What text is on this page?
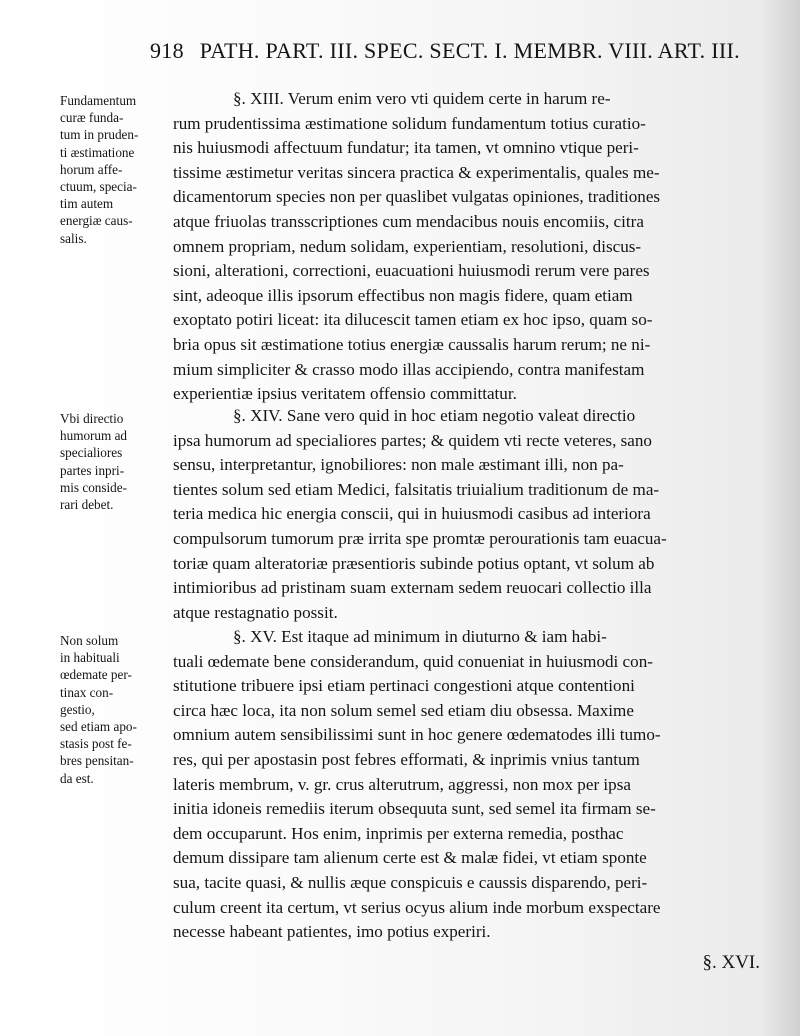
918 PATH. PART. III. SPEC. SECT. I. MEMBR. VIII. ART. III.
Fundamentum
curæ funda-
tum in pruden-
ti æstimatione
horum affe-
ctuum, specia-
tim autem
energiæ caus-
salis.
§. XIII. Verum enim vero vti quidem certe in harum re-
rum prudentissima æstimatione solidum fundamentum totius curatio-
nis huiusmodi affectuum fundatur; ita tamen, vt omnino vtique peri-
tissime æstimetur veritas sincera practica & experimentalis, quales me-
dicamentorum species non per quaslibet vulgatas opiniones, traditiones
atque friuolas transscriptiones cum mendacibus nouis encomiis, citra
omnem propriam, nedum solidam, experientiam, resolutioni, discus-
sioni, alterationi, correctioni, euacuationi huiusmodi rerum vere pares
sint, adeoque illis ipsorum effectibus non magis fidere, quam etiam
exoptato potiri liceat: ita dilucescit tamen etiam ex hoc ipso, quam so-
bria opus sit æstimatione totius energiæ caussalis harum rerum; ne ni-
mium simpliciter & crasso modo illas accipiendo, contra manifestam
experientiæ ipsius veritatem offensio committatur.
Vbi directio
humorum ad
specialiores
partes inpri-
mis conside-
rari debet.
§. XIV. Sane vero quid in hoc etiam negotio valeat directio
ipsa humorum ad specialiores partes; & quidem vti recte veteres, sano
sensu, interpretantur, ignobiliores: non male æstimant illi, non pa-
tientes solum sed etiam Medici, falsitatis triuialium traditionum de ma-
teria medica hic energia conscii, qui in huiusmodi casibus ad interiora
compulsorum tumorum præ irrita spe promtæ perourationis tam euacua-
toriæ quam alteratoriæ præsentioris subinde potius optant, vt solum ab
intimioribus ad pristinam suam externam sedem reuocari collectio illa
atque restagnatio possit.
Non solum
in habituali
œdemate per-
tinax con-
gestio,
sed etiam apo-
stasis post fe-
bres pensitan-
da est.
§. XV. Est itaque ad minimum in diuturno & iam habi-
tuali œdemate bene considerandum, quid conueniat in huiusmodi con-
stitutione tribuere ipsi etiam pertinaci congestioni atque contentioni
circa hæc loca, ita non solum semel sed etiam diu obsessa. Maxime
omnium autem sensibilissimi sunt in hoc genere œdematodes illi tumo-
res, qui per apostasin post febres efformati, & inprimis vnius tantum
lateris membrum, v. gr. crus alterutrum, aggressi, non mox per ipsa
initia idoneis remediis iterum obsequuta sunt, sed semel ita firmam se-
dem occuparunt. Hos enim, inprimis per externa remedia, posthac
demum dissipare tam alienum certe est & malæ fidei, vt etiam sponte
sua, tacite quasi, & nullis æque conspicuis e caussis disparendo, peri-
culum creent ita certum, vt serius ocyus alium inde morbum exspectare
necesse habeant patientes, imo potius experiri.
§. XVI.
